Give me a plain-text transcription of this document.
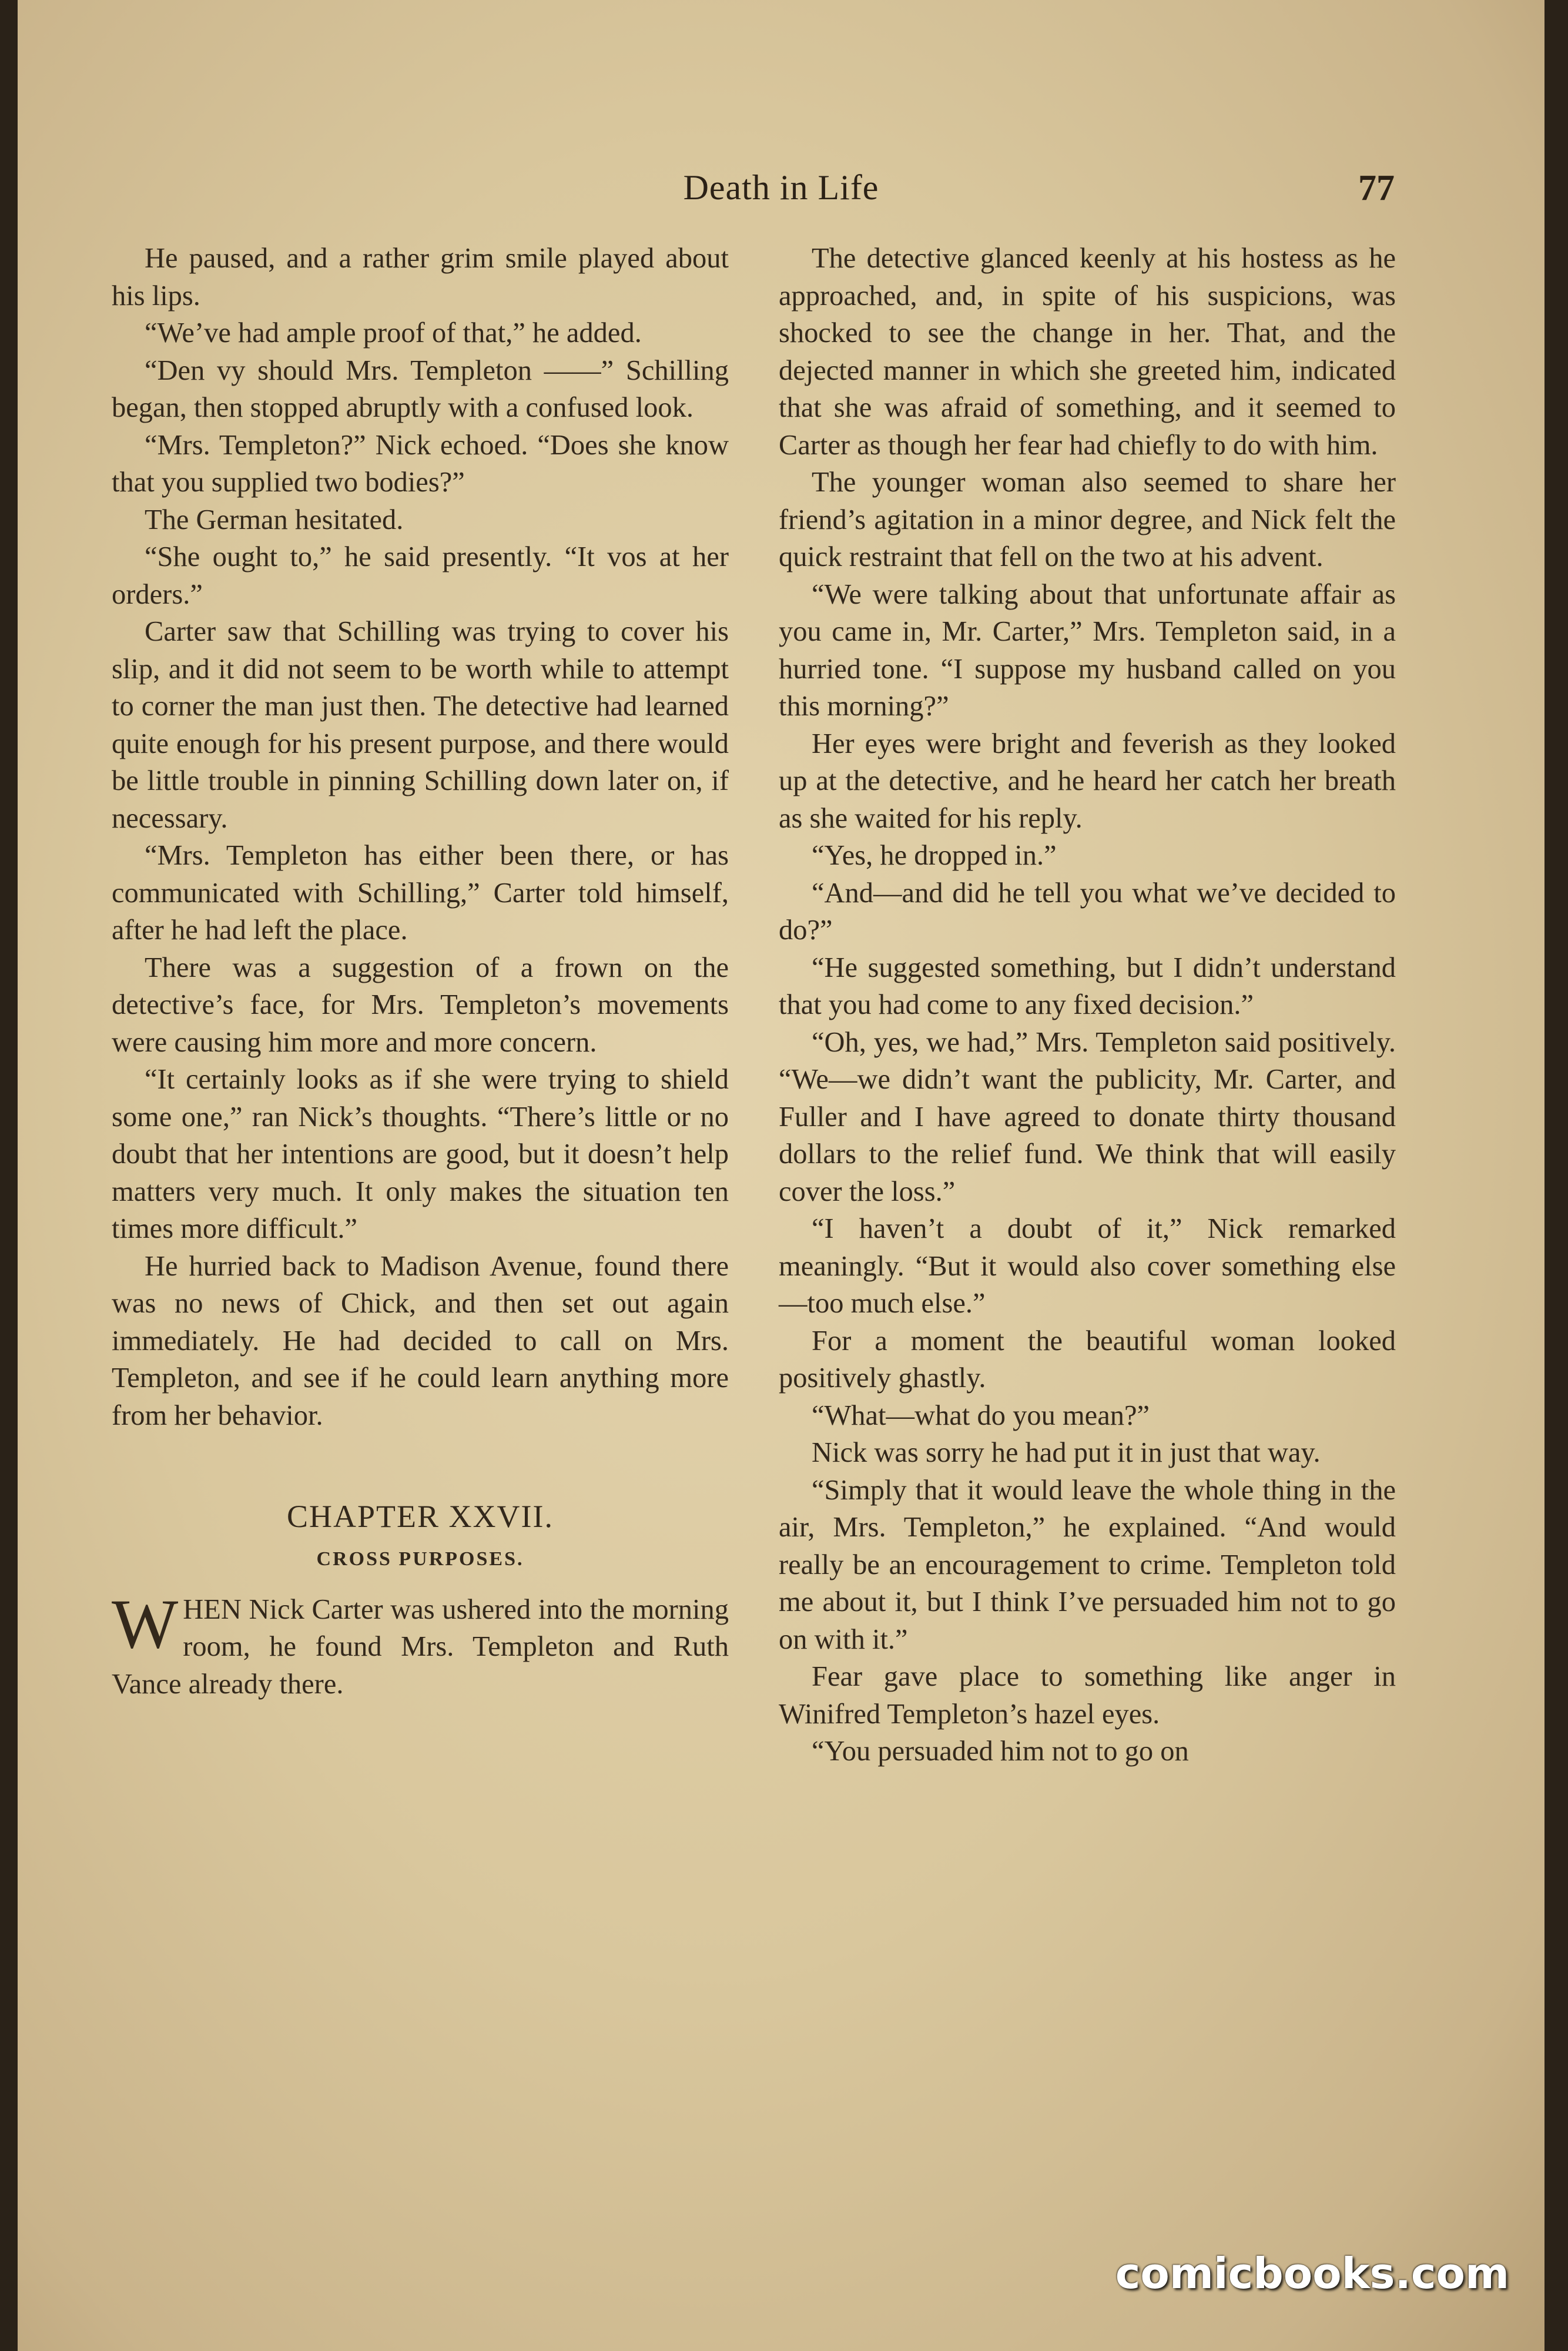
Death in Life	77

He paused, and a rather grim smile played about his lips.

“We’ve had ample proof of that,” he added.

“Den vy should Mrs. Templeton ——” Schilling began, then stopped abruptly with a confused look.

“Mrs. Templeton?” Nick echoed. “Does she know that you supplied two bodies?”

The German hesitated.

“She ought to,” he said presently. “It vos at her orders.”

Carter saw that Schilling was trying to cover his slip, and it did not seem to be worth while to attempt to corner the man just then. The detective had learned quite enough for his present purpose, and there would be little trouble in pinning Schilling down later on, if necessary.

“Mrs. Templeton has either been there, or has communicated with Schilling,” Carter told himself, after he had left the place.

There was a suggestion of a frown on the detective’s face, for Mrs. Templeton’s movements were causing him more and more concern.

“It certainly looks as if she were trying to shield some one,” ran Nick’s thoughts. “There’s little or no doubt that her intentions are good, but it doesn’t help matters very much. It only makes the situation ten times more difficult.”

He hurried back to Madison Avenue, found there was no news of Chick, and then set out again immediately. He had decided to call on Mrs. Templeton, and see if he could learn anything more from her behavior.

CHAPTER XXVII.
CROSS PURPOSES.

WHEN Nick Carter was ushered into the morning room, he found Mrs. Templeton and Ruth Vance already there.

The detective glanced keenly at his hostess as he approached, and, in spite of his suspicions, was shocked to see the change in her. That, and the dejected manner in which she greeted him, indicated that she was afraid of something, and it seemed to Carter as though her fear had chiefly to do with him.

The younger woman also seemed to share her friend’s agitation in a minor degree, and Nick felt the quick restraint that fell on the two at his advent.

“We were talking about that unfortunate affair as you came in, Mr. Carter,” Mrs. Templeton said, in a hurried tone. “I suppose my husband called on you this morning?”

Her eyes were bright and feverish as they looked up at the detective, and he heard her catch her breath as she waited for his reply.

“Yes, he dropped in.”

“And—and did he tell you what we’ve decided to do?”

“He suggested something, but I didn’t understand that you had come to any fixed decision.”

“Oh, yes, we had,” Mrs. Templeton said positively. “We—we didn’t want the publicity, Mr. Carter, and Fuller and I have agreed to donate thirty thousand dollars to the relief fund. We think that will easily cover the loss.”

“I haven’t a doubt of it,” Nick remarked meaningly. “But it would also cover something else—too much else.”

For a moment the beautiful woman looked positively ghastly.

“What—what do you mean?”

Nick was sorry he had put it in just that way.

“Simply that it would leave the whole thing in the air, Mrs. Templeton,” he explained. “And would really be an encouragement to crime. Templeton told me about it, but I think I’ve persuaded him not to go on with it.”

Fear gave place to something like anger in Winifred Templeton’s hazel eyes.

“You persuaded him not to go on

comicbooks.com
